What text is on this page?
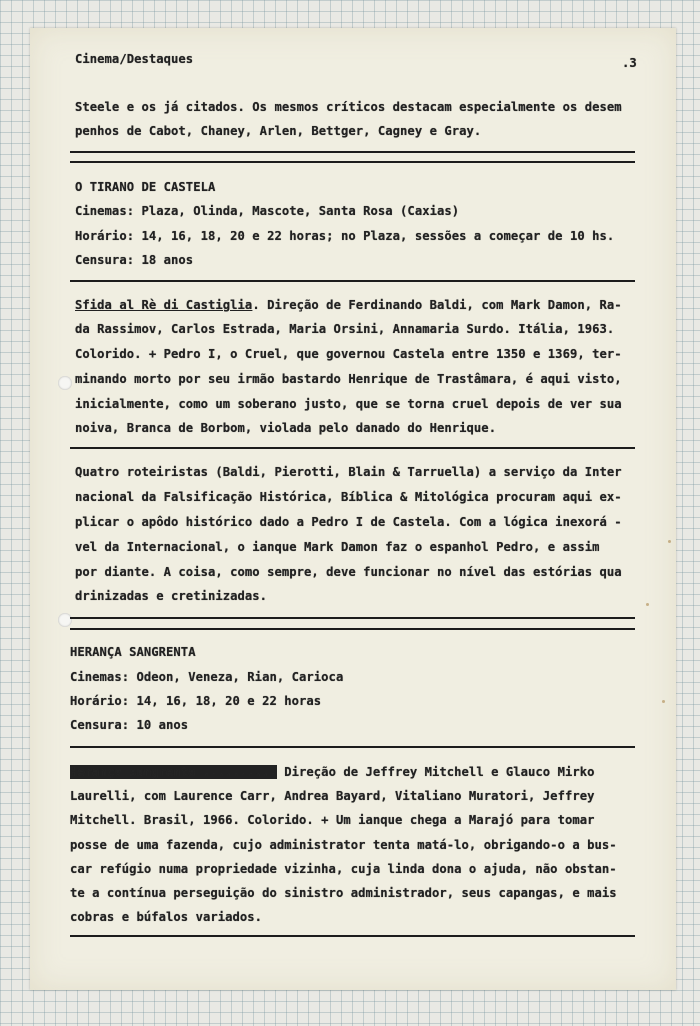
Cinema/Destaques	.3

Steele e os já citados. Os mesmos críticos destacam especialmente os desem

penhos de Cabot, Chaney, Arlen, Bettger, Cagney e Gray.

O TIRANO DE CASTELA

Cinemas: Plaza, Olinda, Mascote, Santa Rosa (Caxias)

Horário: 14, 16, 18, 20 e 22 horas; no Plaza, sessões a começar de 10 hs.

Censura: 18 anos

Sfida al Rè di Castiglia. Direção de Ferdinando Baldi, com Mark Damon, Ra-

da Rassimov, Carlos Estrada, Maria Orsini, Annamaria Surdo. Itália, 1963.

Colorido. + Pedro I, o Cruel, que governou Castela entre 1350 e 1369, ter-

minando morto por seu irmão bastardo Henrique de Trastâmara, é aqui visto,

inicialmente, como um soberano justo, que se torna cruel depois de ver sua

noiva, Branca de Borbom, violada pelo danado do Henrique.

Quatro roteiristas (Baldi, Pierotti, Blain & Tarruella) a serviço da Inter

nacional da Falsificação Histórica, Bíblica & Mitológica procuram aqui ex-

plicar o apôdo histórico dado a Pedro I de Castela. Com a lógica inexorá -

vel da Internacional, o ianque Mark Damon faz o espanhol Pedro, e assim

por diante. A coisa, como sempre, deve funcionar no nível das estórias qua

drinizadas e cretinizadas.

HERANÇA SANGRENTA

Cinemas: Odeon, Veneza, Rian, Carioca

Horário: 14, 16, 18, 20 e 22 horas

Censura: 10 anos

Herança sangrenta .......... Direção de Jeffrey Mitchell e Glauco Mirko

Laurelli, com Laurence Carr, Andrea Bayard, Vitaliano Muratori, Jeffrey

Mitchell. Brasil, 1966. Colorido. + Um ianque chega a Marajó para tomar

posse de uma fazenda, cujo administrator tenta matá-lo, obrigando-o a bus-

car refúgio numa propriedade vizinha, cuja linda dona o ajuda, não obstan-

te a contínua perseguição do sinistro administrador, seus capangas, e mais

cobras e búfalos variados.
